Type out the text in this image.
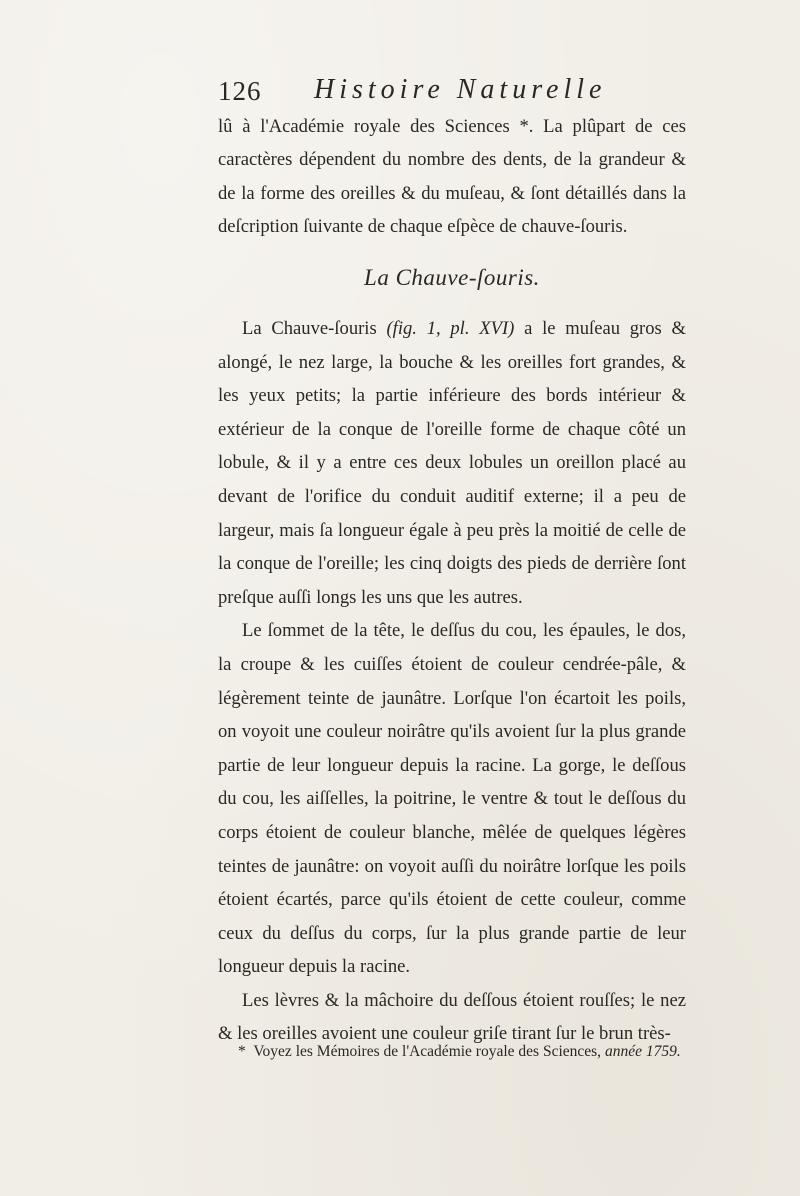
126 Histoire Naturelle

lû à l'Académie royale des Sciences *. La plûpart de ces caractères dépendent du nombre des dents, de la grandeur & de la forme des oreilles & du muſeau, & ſont détaillés dans la deſcription ſuivante de chaque eſpèce de chauve-ſouris.

La Chauve-ſouris.

La Chauve-ſouris (fig. 1, pl. XVI) a le muſeau gros & alongé, le nez large, la bouche & les oreilles fort grandes, & les yeux petits; la partie inférieure des bords intérieur & extérieur de la conque de l'oreille forme de chaque côté un lobule, & il y a entre ces deux lobules un oreillon placé au devant de l'orifice du conduit auditif externe; il a peu de largeur, mais ſa longueur égale à peu près la moitié de celle de la conque de l'oreille; les cinq doigts des pieds de derrière ſont preſque auſſi longs les uns que les autres.

Le ſommet de la tête, le deſſus du cou, les épaules, le dos, la croupe & les cuiſſes étoient de couleur cendrée-pâle, & légèrement teinte de jaunâtre. Lorſque l'on écartoit les poils, on voyoit une couleur noirâtre qu'ils avoient ſur la plus grande partie de leur longueur depuis la racine. La gorge, le deſſous du cou, les aiſſelles, la poitrine, le ventre & tout le deſſous du corps étoient de couleur blanche, mêlée de quelques légères teintes de jaunâtre: on voyoit auſſi du noirâtre lorſque les poils étoient écartés, parce qu'ils étoient de cette couleur, comme ceux du deſſus du corps, ſur la plus grande partie de leur longueur depuis la racine.

Les lèvres & la mâchoire du deſſous étoient rouſſes; le nez & les oreilles avoient une couleur griſe tirant ſur le brun très-

* Voyez les Mémoires de l'Académie royale des Sciences, année 1759.
